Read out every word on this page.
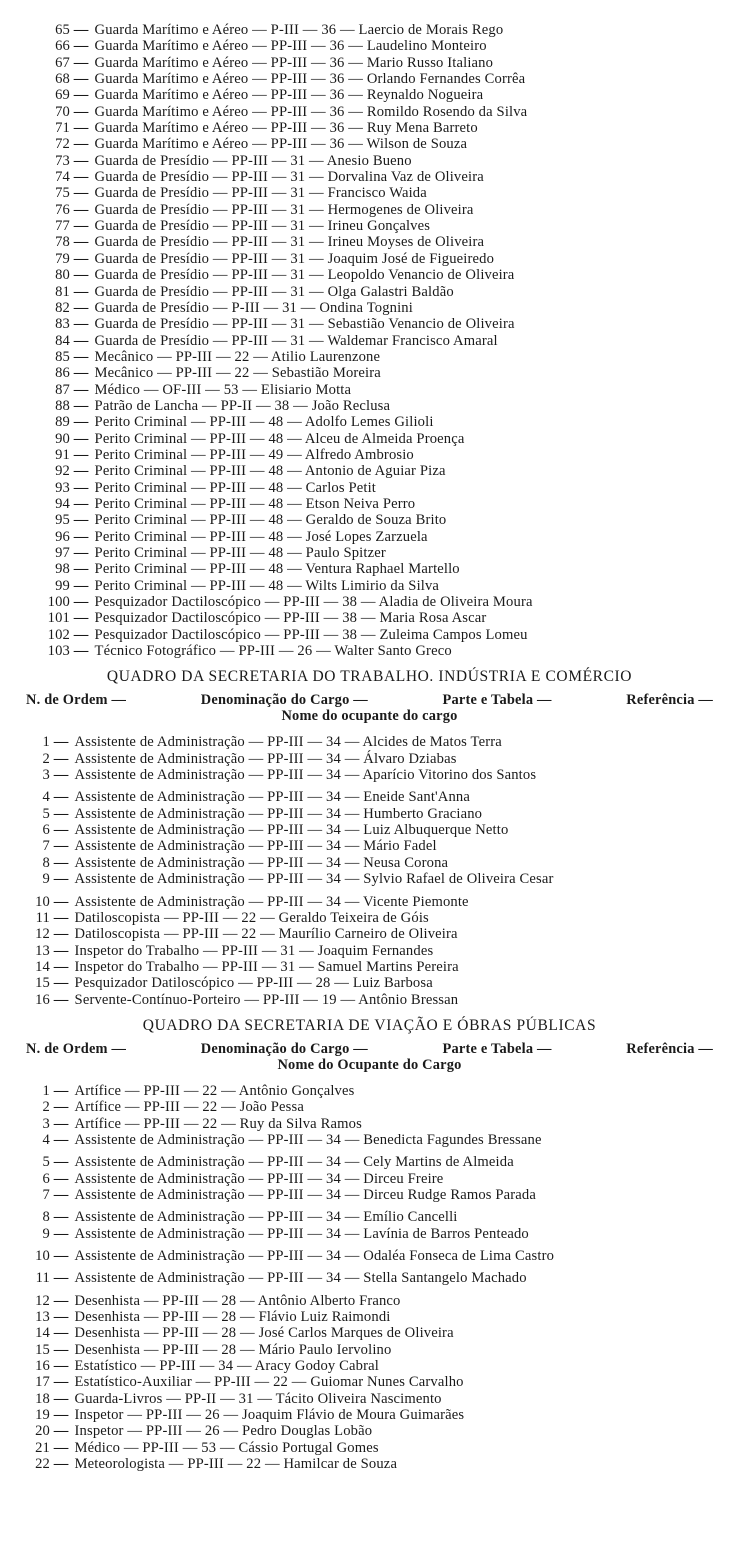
65 — Guarda Marítimo e Aéreo — P-III — 36 — Laercio de Morais Rego
66 — Guarda Marítimo e Aéreo — PP-III — 36 — Laudelino Monteiro
67 — Guarda Marítimo e Aéreo — PP-III — 36 — Mario Russo Italiano
68 — Guarda Marítimo e Aéreo — PP-III — 36 — Orlando Fernandes Corrêa
69 — Guarda Marítimo e Aéreo — PP-III — 36 — Reynaldo Nogueira
70 — Guarda Marítimo e Aéreo — PP-III — 36 — Romildo Rosendo da Silva
71 — Guarda Marítimo e Aéreo — PP-III — 36 — Ruy Mena Barreto
72 — Guarda Marítimo e Aéreo — PP-III — 36 — Wilson de Souza
73 — Guarda de Presídio — PP-III — 31 — Anesio Bueno
74 — Guarda de Presídio — PP-III — 31 — Dorvalina Vaz de Oliveira
75 — Guarda de Presídio — PP-III — 31 — Francisco Waida
76 — Guarda de Presídio — PP-III — 31 — Hermogenes de Oliveira
77 — Guarda de Presídio — PP-III — 31 — Irineu Gonçalves
78 — Guarda de Presídio — PP-III — 31 — Irineu Moyses de Oliveira
79 — Guarda de Presídio — PP-III — 31 — Joaquim José de Figueiredo
80 — Guarda de Presídio — PP-III — 31 — Leopoldo Venancio de Oliveira
81 — Guarda de Presídio — PP-III — 31 — Olga Galastri Baldão
82 — Guarda de Presídio — P-III — 31 — Ondina Tognini
83 — Guarda de Presídio — PP-III — 31 — Sebastião Venancio de Oliveira
84 — Guarda de Presídio — PP-III — 31 — Waldemar Francisco Amaral
85 — Mecânico — PP-III — 22 — Atilio Laurenzone
86 — Mecânico — PP-III — 22 — Sebastião Moreira
87 — Médico — OF-III — 53 — Elisiario Motta
88 — Patrão de Lancha — PP-II — 38 — João Reclusa
89 — Perito Criminal — PP-III — 48 — Adolfo Lemes Gilioli
90 — Perito Criminal — PP-III — 48 — Alceu de Almeida Proença
91 — Perito Criminal — PP-III — 49 — Alfredo Ambrosio
92 — Perito Criminal — PP-III — 48 — Antonio de Aguiar Piza
93 — Perito Criminal — PP-III — 48 — Carlos Petit
94 — Perito Criminal — PP-III — 48 — Etson Neiva Perro
95 — Perito Criminal — PP-III — 48 — Geraldo de Souza Brito
96 — Perito Criminal — PP-III — 48 — José Lopes Zarzuela
97 — Perito Criminal — PP-III — 48 — Paulo Spitzer
98 — Perito Criminal — PP-III — 48 — Ventura Raphael Martello
99 — Perito Criminal — PP-III — 48 — Wilts Limirio da Silva
100 — Pesquizador Dactiloscópico — PP-III — 38 — Aladia de Oliveira Moura
101 — Pesquizador Dactiloscópico — PP-III — 38 — Maria Rosa Ascar
102 — Pesquizador Dactiloscópico — PP-III — 38 — Zuleima Campos Lomeu
103 — Técnico Fotográfico — PP-III — 26 — Walter Santo Greco
QUADRO DA SECRETARIA DO TRABALHO. INDÚSTRIA E COMÉRCIO
N. de Ordem —	Denominação do Cargo —	Parte e Tabela —	Referência —
Nome do ocupante do cargo
1 — Assistente de Administração — PP-III — 34 — Alcides de Matos Terra
2 — Assistente de Administração — PP-III — 34 — Álvaro Dziabas
3 — Assistente de Administração — PP-III — 34 — Aparício Vitorino dos Santos
4 — Assistente de Administração — PP-III — 34 — Eneide Sant'Anna
5 — Assistente de Administração — PP-III — 34 — Humberto Graciano
6 — Assistente de Administração — PP-III — 34 — Luiz Albuquerque Netto
7 — Assistente de Administração — PP-III — 34 — Mário Fadel
8 — Assistente de Administração — PP-III — 34 — Neusa Corona
9 — Assistente de Administração — PP-III — 34 — Sylvio Rafael de Oliveira Cesar
10 — Assistente de Administração — PP-III — 34 — Vicente Piemonte
11 — Datiloscopista — PP-III — 22 — Geraldo Teixeira de Góis
12 — Datiloscopista — PP-III — 22 — Maurílio Carneiro de Oliveira
13 — Inspetor do Trabalho — PP-III — 31 — Joaquim Fernandes
14 — Inspetor do Trabalho — PP-III — 31 — Samuel Martins Pereira
15 — Pesquizador Datiloscópico — PP-III — 28 — Luiz Barbosa
16 — Servente-Contínuo-Porteiro — PP-III — 19 — Antônio Bressan
QUADRO DA SECRETARIA DE VIAÇÃO E ÓBRAS PÚBLICAS
N. de Ordem —	Denominação do Cargo —	Parte e Tabela —	Referência —
Nome do Ocupante do Cargo
1 — Artífice — PP-III — 22 — Antônio Gonçalves
2 — Artífice — PP-III — 22 — João Pessa
3 — Artífice — PP-III — 22 — Ruy da Silva Ramos
4 — Assistente de Administração — PP-III — 34 — Benedicta Fagundes Bressane
5 — Assistente de Administração — PP-III — 34 — Cely Martins de Almeida
6 — Assistente de Administração — PP-III — 34 — Dirceu Freire
7 — Assistente de Administração — PP-III — 34 — Dirceu Rudge Ramos Parada
8 — Assistente de Administração — PP-III — 34 — Emílio Cancelli
9 — Assistente de Administração — PP-III — 34 — Lavínia de Barros Penteado
10 — Assistente de Administração — PP-III — 34 — Odaléa Fonseca de Lima Castro
11 — Assistente de Administração — PP-III — 34 — Stella Santangelo Machado
12 — Desenhista — PP-III — 28 — Antônio Alberto Franco
13 — Desenhista — PP-III — 28 — Flávio Luiz Raimondi
14 — Desenhista — PP-III — 28 — José Carlos Marques de Oliveira
15 — Desenhista — PP-III — 28 — Mário Paulo Iervolino
16 — Estatístico — PP-III — 34 — Aracy Godoy Cabral
17 — Estatístico-Auxiliar — PP-III — 22 — Guiomar Nunes Carvalho
18 — Guarda-Livros — PP-II — 31 — Tácito Oliveira Nascimento
19 — Inspetor — PP-III — 26 — Joaquim Flávio de Moura Guimarães
20 — Inspetor — PP-III — 26 — Pedro Douglas Lobão
21 — Médico — PP-III — 53 — Cássio Portugal Gomes
22 — Meteorologista — PP-III — 22 — Hamilcar de Souza
